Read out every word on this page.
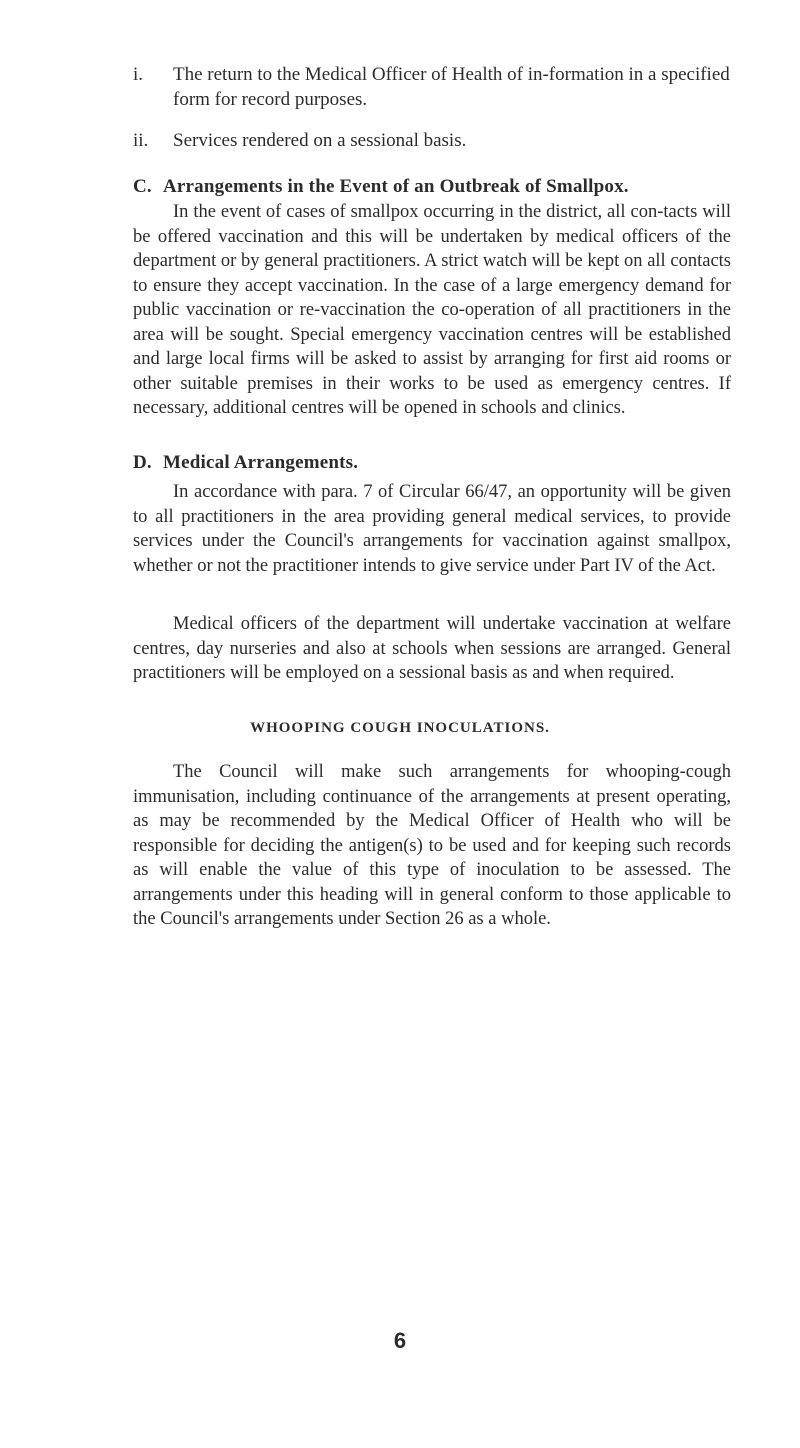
i.	The return to the Medical Officer of Health of in-formation in a specified form for record purposes.
ii.	Services rendered on a sessional basis.
C. Arrangements in the Event of an Outbreak of Smallpox.

In the event of cases of smallpox occurring in the district, all con-tacts will be offered vaccination and this will be undertaken by medical officers of the department or by general practitioners. A strict watch will be kept on all contacts to ensure they accept vaccination. In the case of a large emergency demand for public vaccination or re-vaccination the co-operation of all practitioners in the area will be sought. Special emergency vaccination centres will be established and large local firms will be asked to assist by arranging for first aid rooms or other suitable premises in their works to be used as emergency centres. If necessary, additional centres will be opened in schools and clinics.

D. Medical Arrangements.

In accordance with para. 7 of Circular 66/47, an opportunity will be given to all practitioners in the area providing general medical services, to provide services under the Council's arrangements for vaccination against smallpox, whether or not the practitioner intends to give service under Part IV of the Act.

Medical officers of the department will undertake vaccination at welfare centres, day nurseries and also at schools when sessions are arranged. General practitioners will be employed on a sessional basis as and when required.

WHOOPING COUGH INOCULATIONS.

The Council will make such arrangements for whooping-cough immunisation, including continuance of the arrangements at present operating, as may be recommended by the Medical Officer of Health who will be responsible for deciding the antigen(s) to be used and for keeping such records as will enable the value of this type of inoculation to be assessed. The arrangements under this heading will in general conform to those applicable to the Council's arrangements under Section 26 as a whole.

6
